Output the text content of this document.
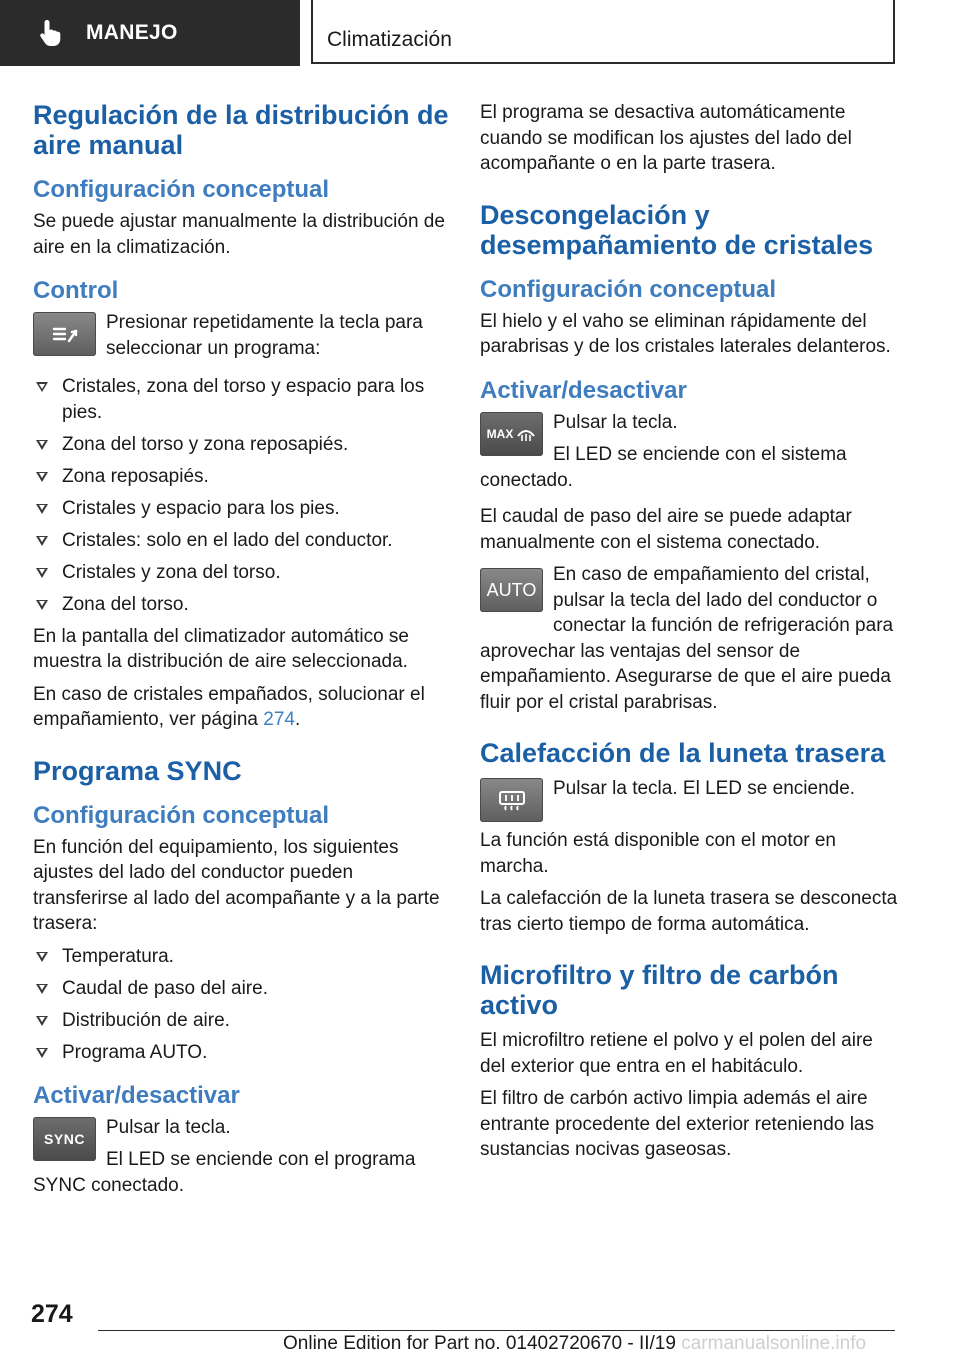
MANEJO	Climatización
Regulación de la distribución de aire manual
Configuración conceptual

Se puede ajustar manualmente la distribución de aire en la climatización.

Control

Presionar repetidamente la tecla para seleccionar un programa:

Cristales, zona del torso y espacio para los pies.
Zona del torso y zona reposapiés.
Zona reposapiés.
Cristales y espacio para los pies.
Cristales: solo en el lado del conductor.
Cristales y zona del torso.
Zona del torso.

En la pantalla del climatizador automático se muestra la distribución de aire seleccionada.

En caso de cristales empañados, solucionar el empañamiento, ver página 274.

Programa SYNC
Configuración conceptual

En función del equipamiento, los siguientes ajustes del lado del conductor pueden transferirse al lado del acompañante y a la parte trasera:

Temperatura.
Caudal de paso del aire.
Distribución de aire.
Programa AUTO.
Activar/desactivar
SYNC

Pulsar la tecla.

El LED se enciende con el programa SYNC conectado.

El programa se desactiva automáticamente cuando se modifican los ajustes del lado del acompañante o en la parte trasera.

Descongelación y desempañamiento de cristales
Configuración conceptual

El hielo y el vaho se eliminan rápidamente del parabrisas y de los cristales laterales delanteros.

Activar/desactivar
MAX

Pulsar la tecla.

El LED se enciende con el sistema conectado.

El caudal de paso del aire se puede adaptar manualmente con el sistema conectado.

AUTO

En caso de empañamiento del cristal, pulsar la tecla del lado del conductor o conectar la función de refrigeración para aprovechar las ventajas del sensor de empañamiento. Asegurarse de que el aire pueda fluir por el cristal parabrisas.

Calefacción de la luneta trasera

Pulsar la tecla. El LED se enciende.

La función está disponible con el motor en marcha.

La calefacción de la luneta trasera se desconecta tras cierto tiempo de forma automática.

Microfiltro y filtro de carbón activo

El microfiltro retiene el polvo y el polen del aire del exterior que entra en el habitáculo.

El filtro de carbón activo limpia además el aire entrante procedente del exterior reteniendo las sustancias nocivas gaseosas.

274
Online Edition for Part no. 01402720670 - II/19 carmanualsonline.info
